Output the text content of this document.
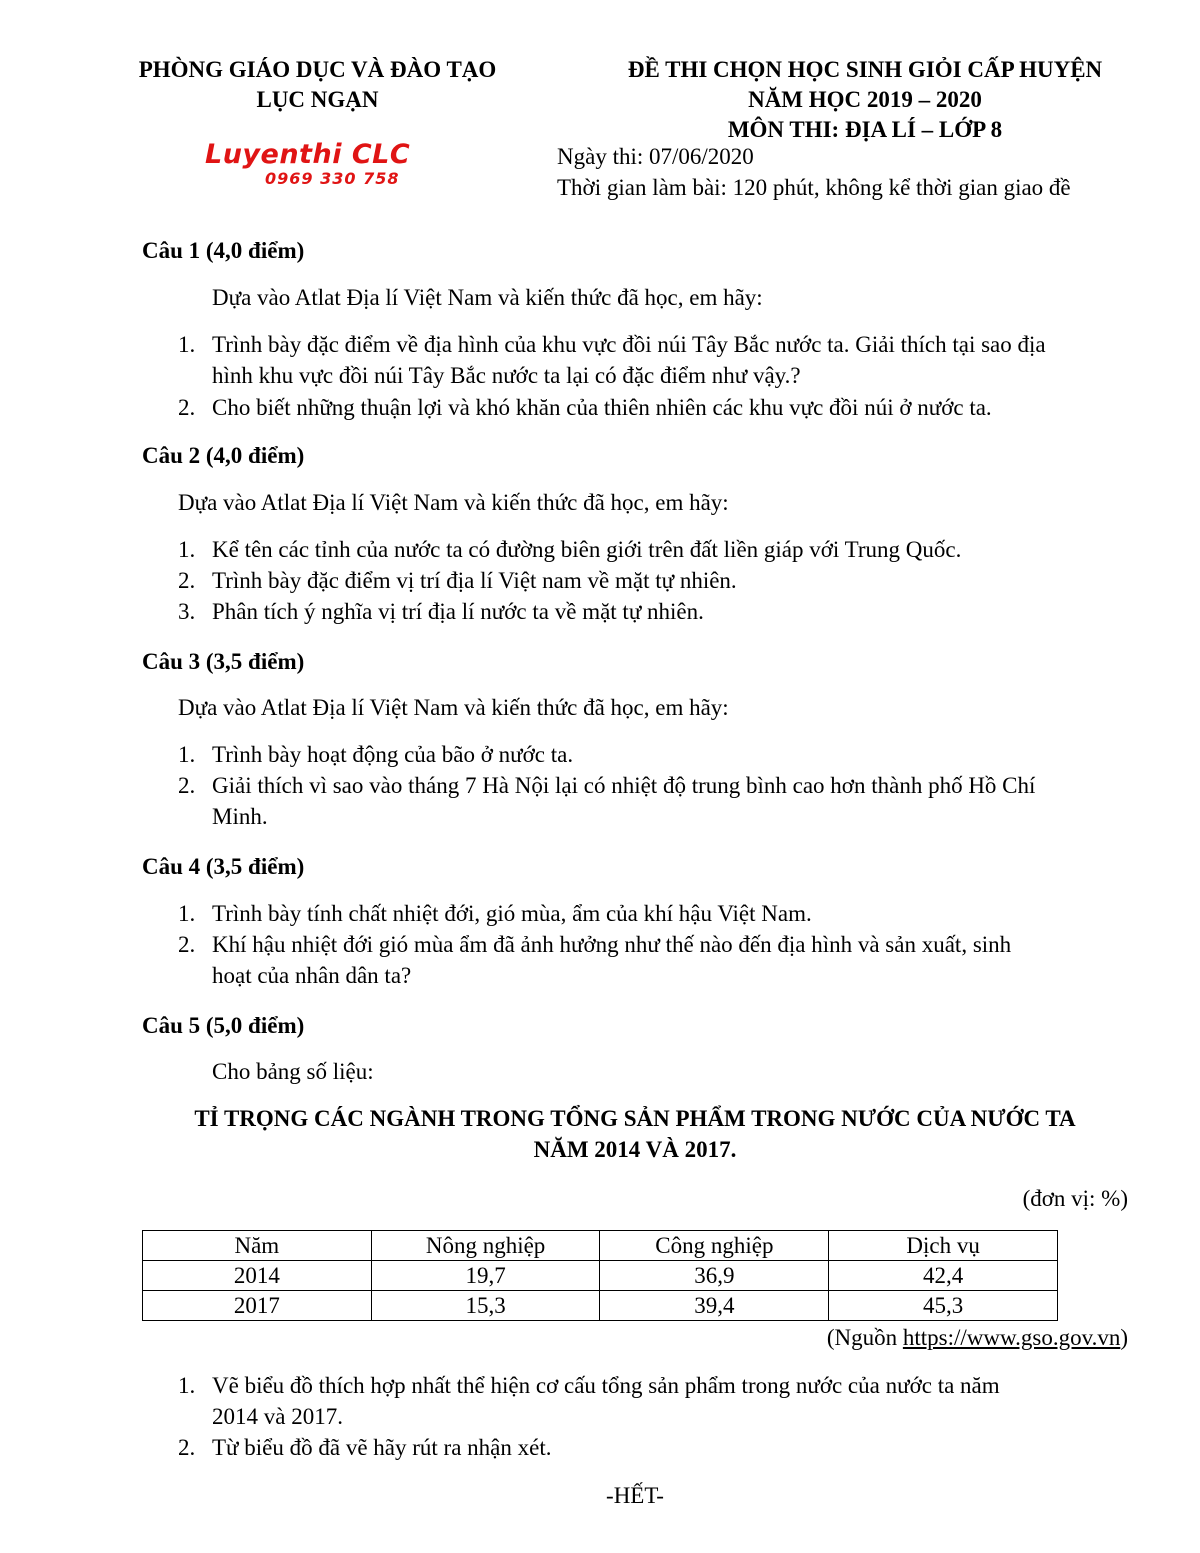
PHÒNG GIÁO DỤC VÀ ĐÀO TẠO
LỤC NGẠN
ĐỀ THI CHỌN HỌC SINH GIỎI CẤP HUYỆN
NĂM HỌC 2019 – 2020
MÔN THI: ĐỊA LÍ – LỚP 8
Luyenthi CLC
0969 330 758
Ngày thi: 07/06/2020
Thời gian làm bài: 120 phút, không kể thời gian giao đề
Câu 1 (4,0 điểm)
Dựa vào Atlat Địa lí Việt Nam và kiến thức đã học, em hãy:
1. Trình bày đặc điểm về địa hình của khu vực đồi núi Tây Bắc nước ta. Giải thích tại sao địa
hình khu vực đồi núi Tây Bắc nước ta lại có đặc điểm như vậy.?
2. Cho biết những thuận lợi và khó khăn của thiên nhiên các khu vực đồi núi ở nước ta.
Câu 2 (4,0 điểm)
Dựa vào Atlat Địa lí Việt Nam và kiến thức đã học, em hãy:
1. Kể tên các tỉnh của nước ta có đường biên giới trên đất liền giáp với Trung Quốc.
2. Trình bày đặc điểm vị trí địa lí Việt nam về mặt tự nhiên.
3. Phân tích ý nghĩa vị trí địa lí nước ta về mặt tự nhiên.
Câu 3 (3,5 điểm)
Dựa vào Atlat Địa lí Việt Nam và kiến thức đã học, em hãy:
1. Trình bày hoạt động của bão ở nước ta.
2. Giải thích vì sao vào tháng 7 Hà Nội lại có nhiệt độ trung bình cao hơn thành phố Hồ Chí
Minh.
Câu 4 (3,5 điểm)
1. Trình bày tính chất nhiệt đới, gió mùa, ẩm của khí hậu Việt Nam.
2. Khí hậu nhiệt đới gió mùa ẩm đã ảnh hưởng như thế nào đến địa hình và sản xuất, sinh
hoạt của nhân dân ta?
Câu 5 (5,0 điểm)
Cho bảng số liệu:
TỈ TRỌNG CÁC NGÀNH TRONG TỔNG SẢN PHẨM TRONG NƯỚC CỦA NƯỚC TA
NĂM 2014 VÀ 2017.
(đơn vị: %)
Năm	Nông nghiệp	Công nghiệp	Dịch vụ
2014	19,7	36,9	42,4
2017	15,3	39,4	45,3
(Nguồn https://www.gso.gov.vn)
1. Vẽ biểu đồ thích hợp nhất thể hiện cơ cấu tổng sản phẩm trong nước của nước ta năm
2014 và 2017.
2. Từ biểu đồ đã vẽ hãy rút ra nhận xét.
-HẾT-
